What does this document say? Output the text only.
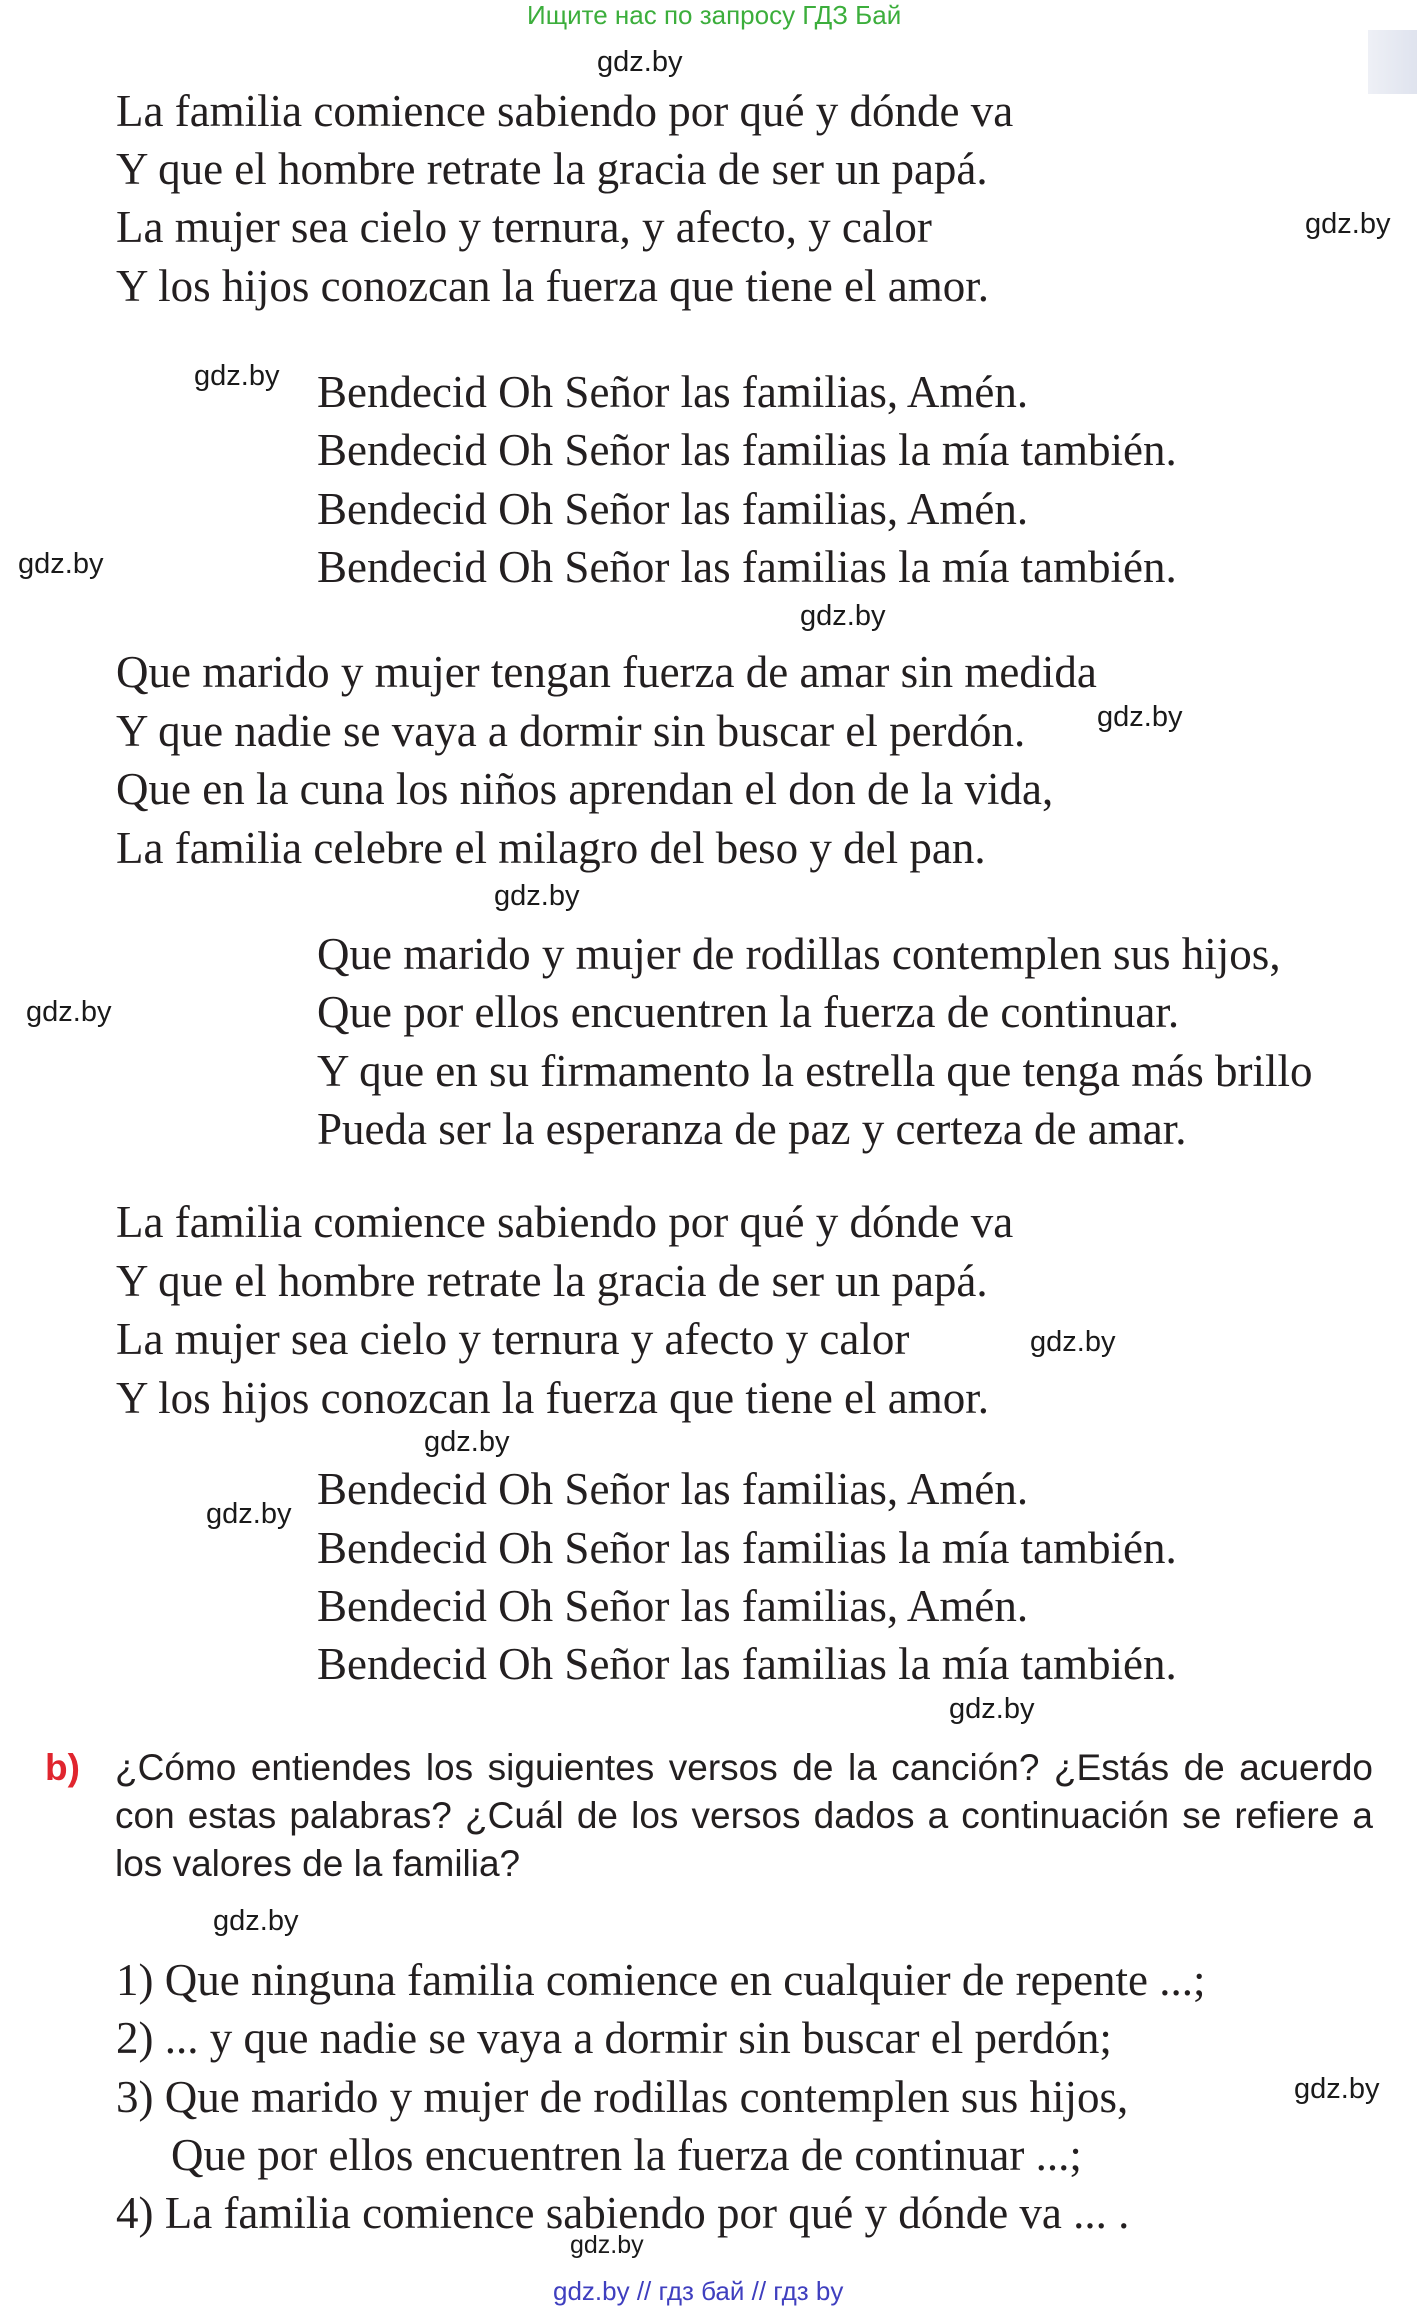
Ищите нас по запросу ГДЗ Бай
gdz.by
gdz.by
gdz.by
gdz.by
gdz.by
gdz.by
gdz.by
gdz.by
gdz.by
gdz.by
gdz.by
gdz.by
gdz.by
gdz.by
gdz.by
La familia comience sabiendo por qué y dónde va
Y que el hombre retrate la gracia de ser un papá.
La mujer sea cielo y ternura, y afecto, y calor
Y los hijos conozcan la fuerza que tiene el amor.
Bendecid Oh Señor las familias, Amén.
Bendecid Oh Señor las familias la mía también.
Bendecid Oh Señor las familias, Amén.
Bendecid Oh Señor las familias la mía también.
Que marido y mujer tengan fuerza de amar sin medida
Y que nadie se vaya a dormir sin buscar el perdón.
Que en la cuna los niños aprendan el don de la vida,
La familia celebre el milagro del beso y del pan.
Que marido y mujer de rodillas contemplen sus hijos,
Que por ellos encuentren la fuerza de continuar.
Y que en su firmamento la estrella que tenga más brillo
Pueda ser la esperanza de paz y certeza de amar.
La familia comience sabiendo por qué y dónde va
Y que el hombre retrate la gracia de ser un papá.
La mujer sea cielo y ternura y afecto y calor
Y los hijos conozcan la fuerza que tiene el amor.
Bendecid Oh Señor las familias, Amén.
Bendecid Oh Señor las familias la mía también.
Bendecid Oh Señor las familias, Amén.
Bendecid Oh Señor las familias la mía también.
b) ¿Cómo entiendes los siguientes versos de la canción? ¿Estás de acuerdo con estas palabras? ¿Cuál de los versos dados a continuación se refiere a los valores de la familia?
1) Que ninguna familia comience en cualquier de repente ...;
2) ... y que nadie se vaya a dormir sin buscar el perdón;
3) Que marido y mujer de rodillas contemplen sus hijos,
Que por ellos encuentren la fuerza de continuar ...;
4) La familia comience sabiendo por qué y dónde va ... .
gdz.by // гдз бай // гдз by
